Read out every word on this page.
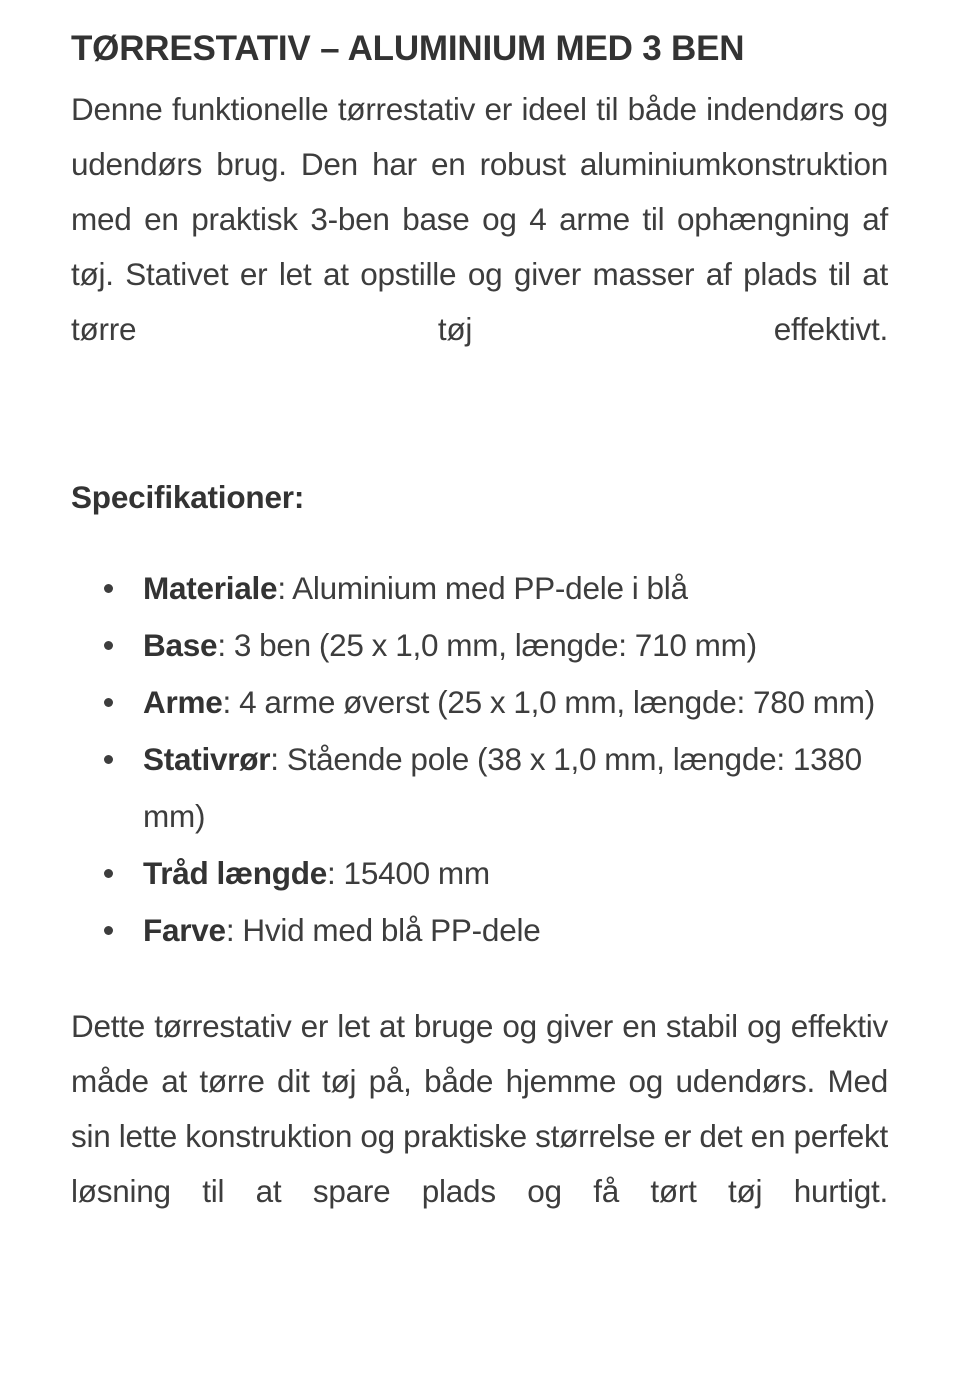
TØRRESTATIV – ALUMINIUM MED 3 BEN

Denne funktionelle tørrestativ er ideel til både indendørs og udendørs brug. Den har en robust aluminiumkonstruktion med en praktisk 3-ben base og 4 arme til ophængning af tøj. Stativet er let at opstille og giver masser af plads til at tørre tøj effektivt.

Specifikationer:
Materiale: Aluminium med PP-dele i blå
Base: 3 ben (25 x 1,0 mm, længde: 710 mm)
Arme: 4 arme øverst (25 x 1,0 mm, længde: 780 mm)
Stativrør: Stående pole (38 x 1,0 mm, længde: 1380 mm)
Tråd længde: 15400 mm
Farve: Hvid med blå PP-dele

Dette tørrestativ er let at bruge og giver en stabil og effektiv måde at tørre dit tøj på, både hjemme og udendørs. Med sin lette konstruktion og praktiske størrelse er det en perfekt løsning til at spare plads og få tørt tøj hurtigt.
